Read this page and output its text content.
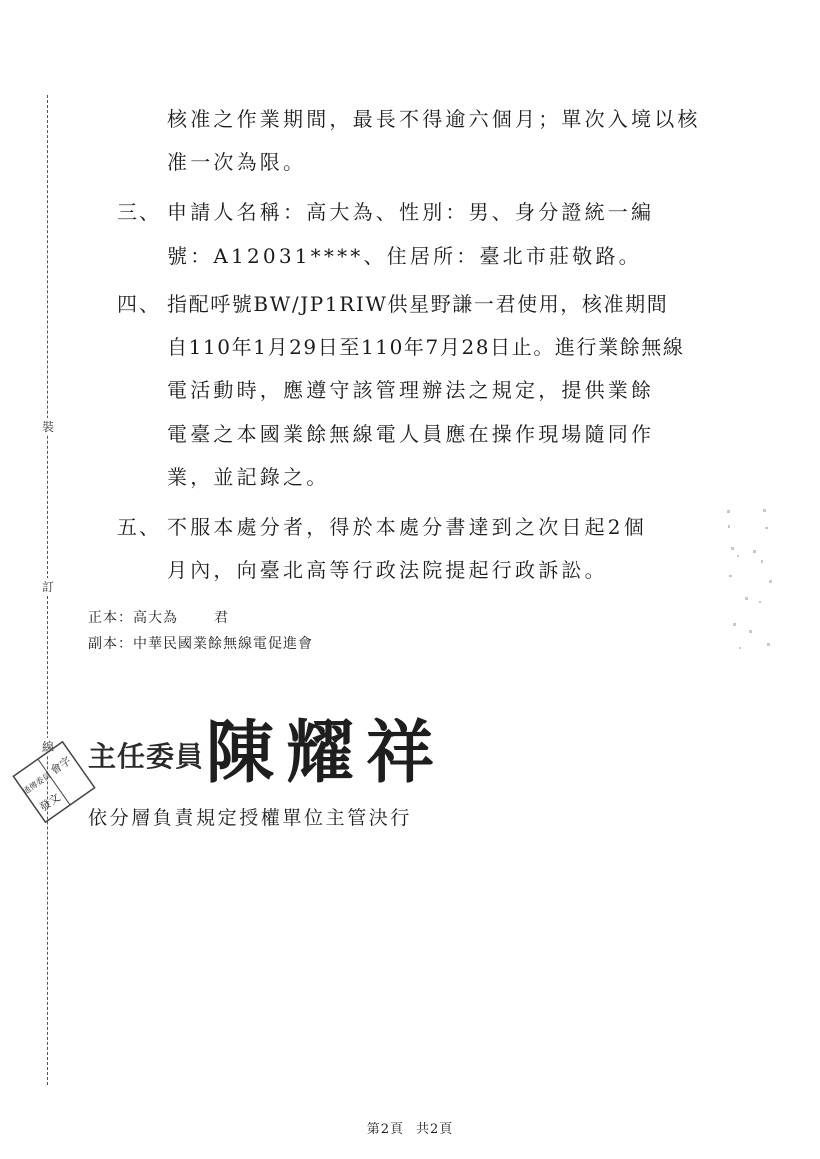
裝
訂
線
核准之作業期間，最長不得逾六個月；單次入境以核
准一次為限。
三、 申請人名稱：高大為、性別：男、身分證統一編
號：A12031****、住居所：臺北市莊敬路。
四、 指配呼號BW/JP1RIW供星野謙一君使用，核准期間
自110年1月29日至110年7月28日止。進行業餘無線
電活動時，應遵守該管理辦法之規定，提供業餘
電臺之本國業餘無線電人員應在操作現場隨同作
業，並記錄之。
五、 不服本處分者，得於本處分書達到之次日起2個
月內，向臺北高等行政法院提起行政訴訟。
正本：高大為	君
副本：中華民國業餘無線電促進會
主任委員 陳耀祥
會字
通傳委員
發文
依分層負責規定授權單位主管決行
第2頁 共2頁
